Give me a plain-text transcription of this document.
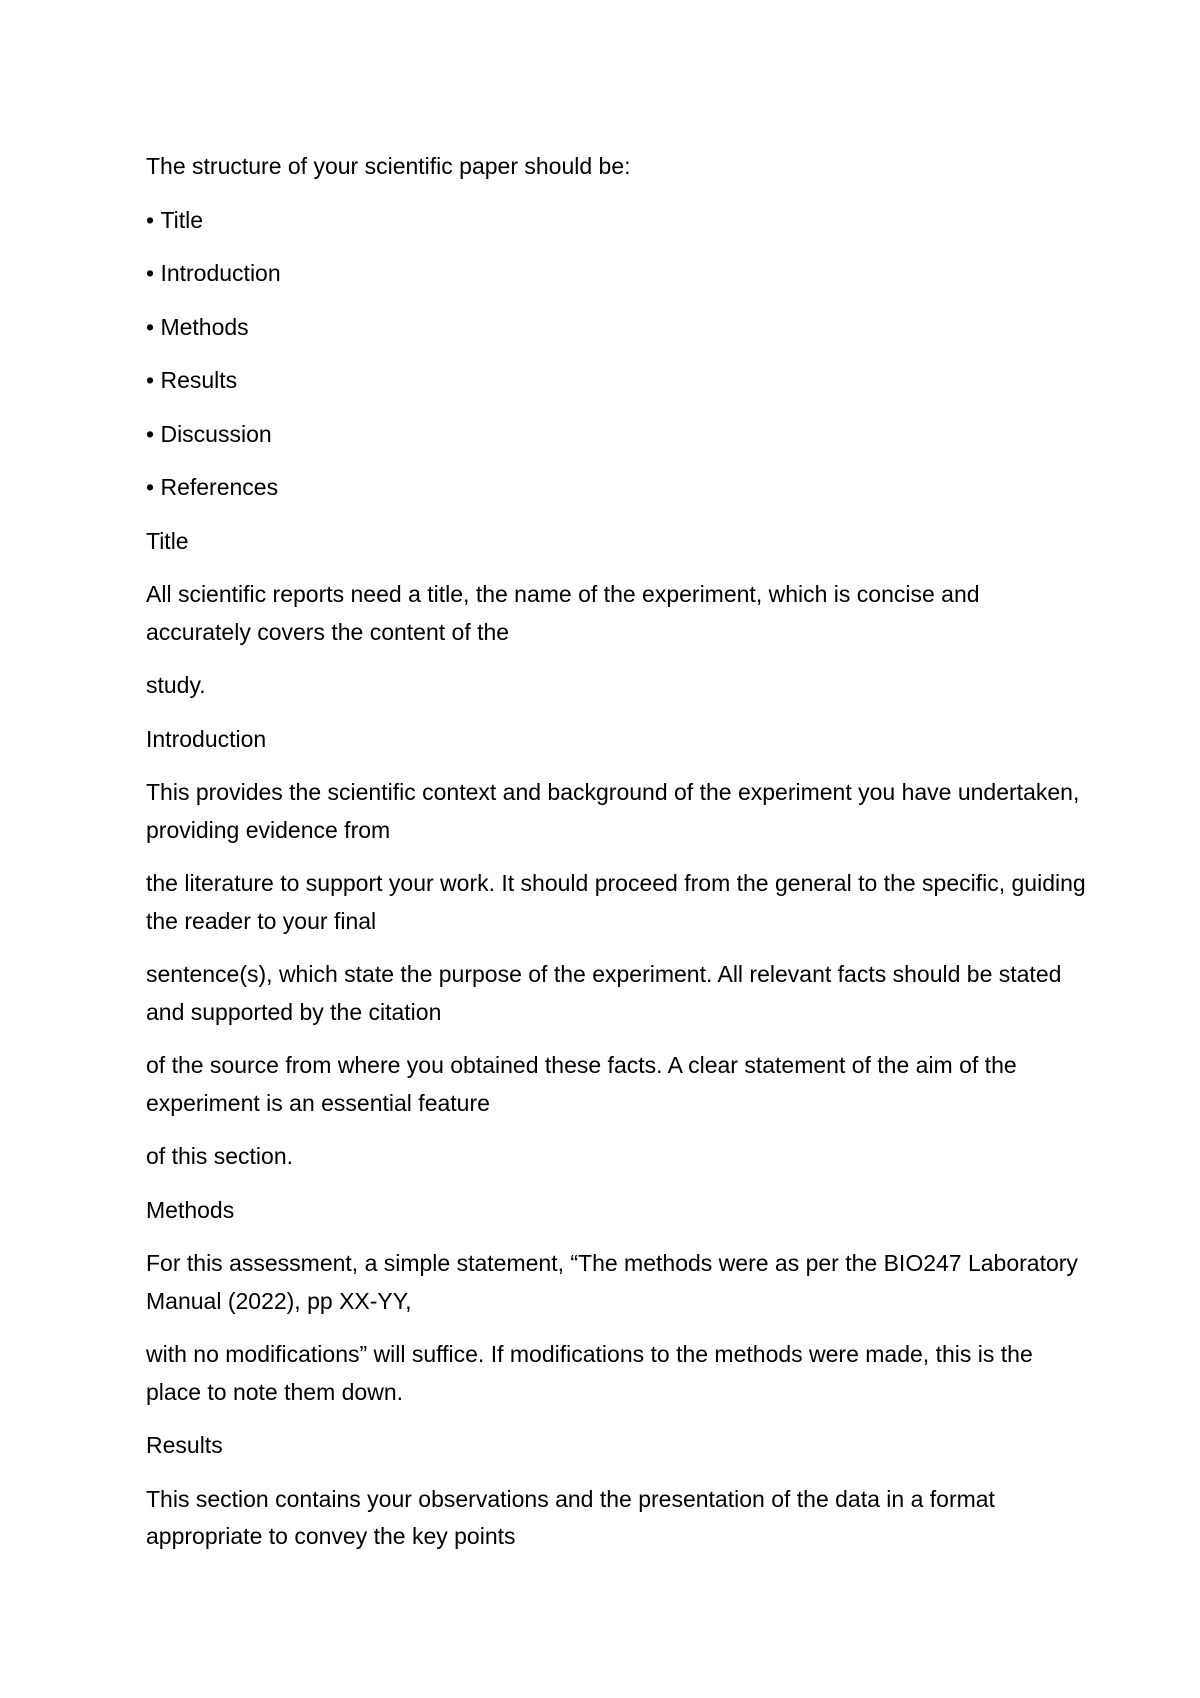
The structure of your scientific paper should be:

• Title

• Introduction

• Methods

• Results

• Discussion

• References

Title

All scientific reports need a title, the name of the experiment, which is concise and accurately covers the content of the

study.

Introduction

This provides the scientific context and background of the experiment you have undertaken, providing evidence from

the literature to support your work. It should proceed from the general to the specific, guiding the reader to your final

sentence(s), which state the purpose of the experiment. All relevant facts should be stated and supported by the citation

of the source from where you obtained these facts. A clear statement of the aim of the experiment is an essential feature

of this section.

Methods

For this assessment, a simple statement, “The methods were as per the BIO247 Laboratory Manual (2022), pp XX-YY,

with no modifications” will suffice. If modifications to the methods were made, this is the place to note them down.

Results

This section contains your observations and the presentation of the data in a format appropriate to convey the key points
